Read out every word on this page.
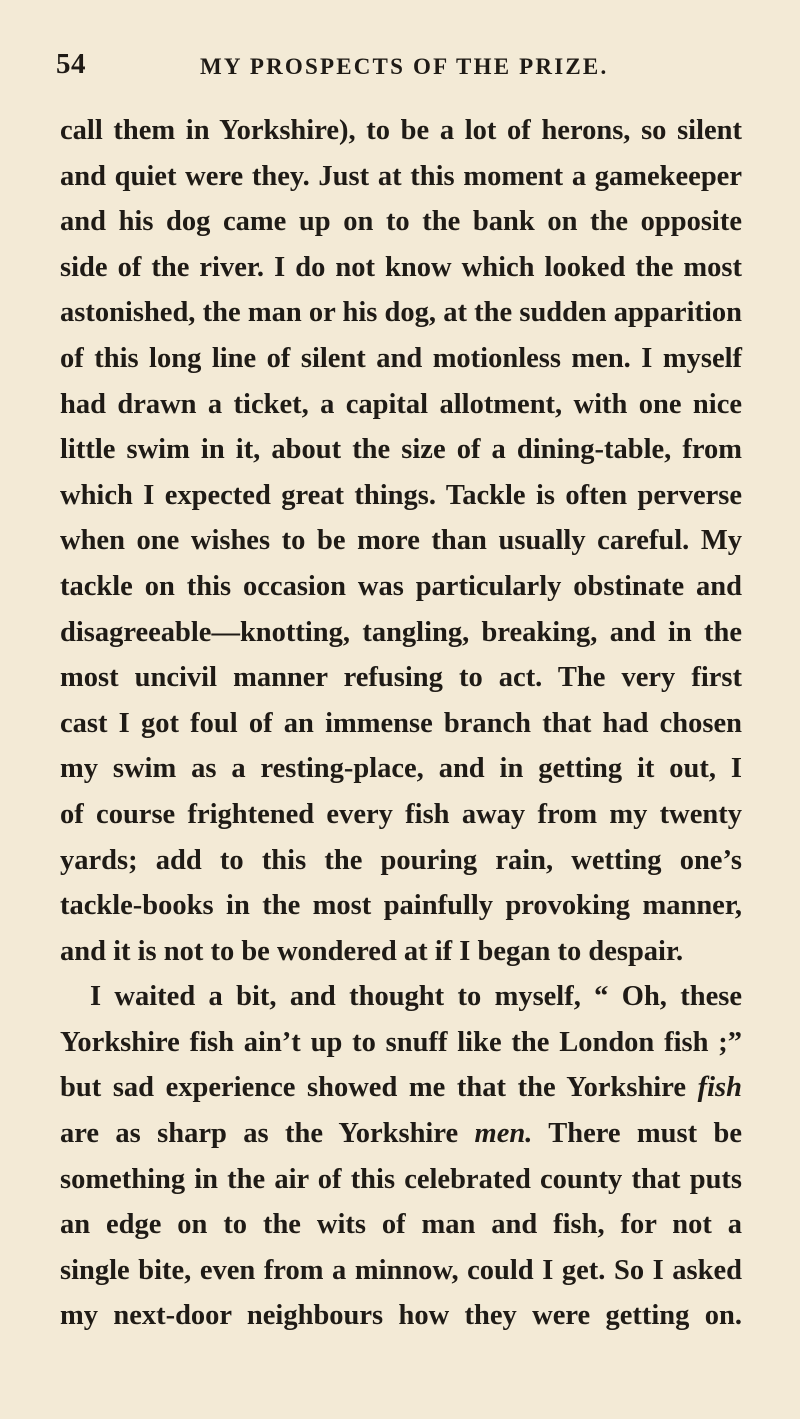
54	MY PROSPECTS OF THE PRIZE.
call them in Yorkshire), to be a lot of herons, so silent
and quiet were they. Just at this moment a gamekeeper
and his dog came up on to the bank on the opposite
side of the river. I do not know which looked the most
astonished, the man or his dog, at the sudden apparition
of this long line of silent and motionless men. I myself
had drawn a ticket, a capital allotment, with one nice
little swim in it, about the size of a dining-table, from
which I expected great things. Tackle is often perverse
when one wishes to be more than usually careful. My
tackle on this occasion was particularly obstinate and
disagreeable—knotting, tangling, breaking, and in the
most uncivil manner refusing to act. The very first
cast I got foul of an immense branch that had chosen
my swim as a resting-place, and in getting it out, I
of course frightened every fish away from my twenty
yards; add to this the pouring rain, wetting one’s
tackle-books in the most painfully provoking manner,
and it is not to be wondered at if I began to despair.
I waited a bit, and thought to myself, “ Oh, these
Yorkshire fish ain’t up to snuff like the London fish ;”
but sad experience showed me that the Yorkshire fish
are as sharp as the Yorkshire men. There must be
something in the air of this celebrated county that puts
an edge on to the wits of man and fish, for not a
single bite, even from a minnow, could I get. So I asked
my next-door neighbours how they were getting on.
